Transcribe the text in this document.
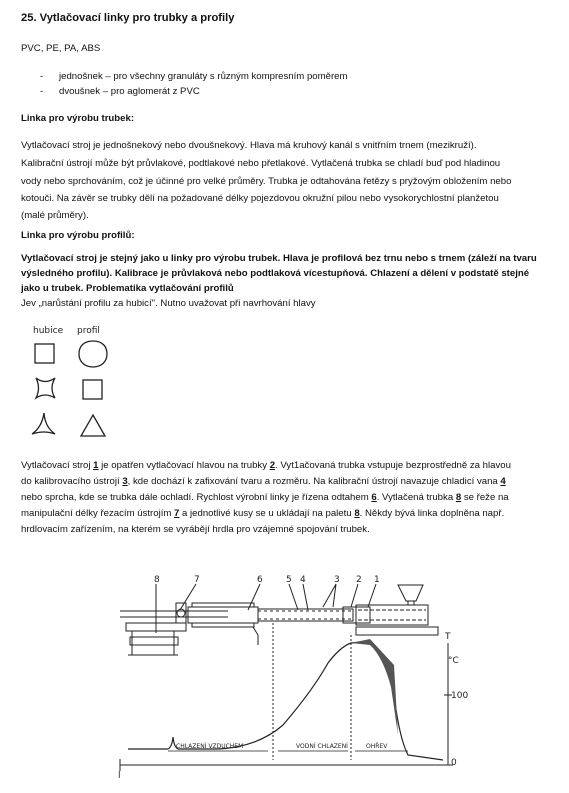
25. Vytlačovací linky pro trubky a profily
PVC, PE, PA, ABS
- jednošnek – pro všechny granuláty s různým kompresním poměrem
- dvoušnek – pro aglomerát z PVC
Linka pro výrobu trubek:
Vytlačovací stroj je jednošnekový nebo dvoušnekový. Hlava má kruhový kanál s vnitřním trnem (mezikruží).
Kalibrační ústrojí může být průvlakové, podtlakové nebo přetlakové. Vytlačená trubka se chladí buď pod hladinou
vody nebo sprchováním, což je účinné pro velké průměry. Trubka je odtahována řetězy s pryžovým obložením nebo
kotouči. Na závěr se trubky dělí na požadované délky pojezdovou okružní pilou nebo vysokorychlostní planžetou
(malé průměry).
Linka pro výrobu profilů:
Vytlačovací stroj je stejný jako u linky pro výrobu trubek. Hlava je profilová bez trnu nebo s trnem (záleží na tvaru
výsledného profilu). Kalibrace je průvlaková nebo podtlaková vícestupňová. Chlazení a dělení v podstatě stejné
jako u trubek. Problematika vytlačování profilů
Jev „narůstání profilu za hubicí". Nutno uvažovat při navrhování hlavy
hubice profil
Vytlačovací stroj 1 je opatřen vytlačovací hlavou na trubky 2. Vyt1ačovaná trubka vstupuje bezprostředně za hlavou
do kalibrovacího ústrojí 3, kde dochází k zafixování tvaru a rozměru. Na kalibrační ústrojí navazuje chladicí vana 4
nebo sprcha, kde se trubka dále ochladí. Rychlost výrobní linky je řízena odtahem 6. Vytlačená trubka 8 se řeže na
manipulační délky řezacím ústrojím 7 a jednotlivé kusy se u ukládají na paletu 8. Někdy bývá linka doplněna např.
hrdlovacím zařízením, na kterém se vyrábějí hrdla pro vzájemné spojování trubek.
8	7	6	5 4	3 2 1
T
°C
100
0
l
CHLAZENÍ VZDUCHEM	VODNÍ CHLAZENÍ	OHŘEV
